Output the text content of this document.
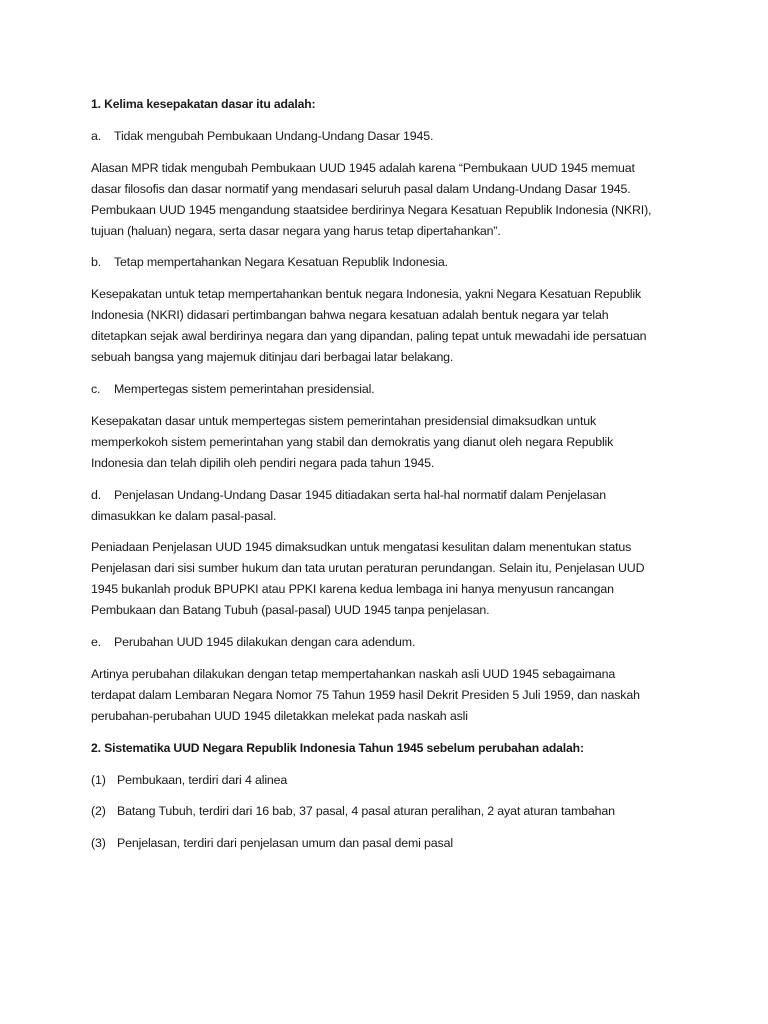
1. Kelima kesepakatan dasar itu adalah:
a.	Tidak mengubah Pembukaan Undang-Undang Dasar 1945.
Alasan MPR tidak mengubah Pembukaan UUD 1945 adalah karena “Pembukaan UUD 1945 memuat
dasar filosofis dan dasar normatif yang mendasari seluruh pasal dalam Undang-Undang Dasar 1945.
Pembukaan UUD 1945 mengandung staatsidee berdirinya Negara Kesatuan Republik Indonesia (NKRI),
tujuan (haluan) negara, serta dasar negara yang harus tetap dipertahankan”.
b.	Tetap mempertahankan Negara Kesatuan Republik Indonesia.
Kesepakatan untuk tetap mempertahankan bentuk negara Indonesia, yakni Negara Kesatuan Republik
Indonesia (NKRI) didasari pertimbangan bahwa negara kesatuan adalah bentuk negara yar telah
ditetapkan sejak awal berdirinya negara dan yang dipandan, paling tepat untuk mewadahi ide persatuan
sebuah bangsa yang majemuk ditinjau dari berbagai latar belakang.
c.	Mempertegas sistem pemerintahan presidensial.
Kesepakatan dasar untuk mempertegas sistem pemerintahan presidensial dimaksudkan untuk
memperkokoh sistem pemerintahan yang stabil dan demokratis yang dianut oleh negara Republik
Indonesia dan telah dipilih oleh pendiri negara pada tahun 1945.
d.	Penjelasan Undang-Undang Dasar 1945 ditiadakan serta hal-hal normatif dalam Penjelasan
dimasukkan ke dalam pasal-pasal.
Peniadaan Penjelasan UUD 1945 dimaksudkan untuk mengatasi kesulitan dalam menentukan status
Penjelasan dari sisi sumber hukum dan tata urutan peraturan perundangan. Selain itu, Penjelasan UUD
1945 bukanlah produk BPUPKI atau PPKI karena kedua lembaga ini hanya menyusun rancangan
Pembukaan dan Batang Tubuh (pasal-pasal) UUD 1945 tanpa penjelasan.
e.	Perubahan UUD 1945 dilakukan dengan cara adendum.
Artinya perubahan dilakukan dengan tetap mempertahankan naskah asli UUD 1945 sebagaimana
terdapat dalam Lembaran Negara Nomor 75 Tahun 1959 hasil Dekrit Presiden 5 Juli 1959, dan naskah
perubahan-perubahan UUD 1945 diletakkan melekat pada naskah asli
2. Sistematika UUD Negara Republik Indonesia Tahun 1945 sebelum perubahan adalah:
(1) Pembukaan, terdiri dari 4 alinea
(2) Batang Tubuh, terdiri dari 16 bab, 37 pasal, 4 pasal aturan peralihan, 2 ayat aturan tambahan
(3) Penjelasan, terdiri dari penjelasan umum dan pasal demi pasal
